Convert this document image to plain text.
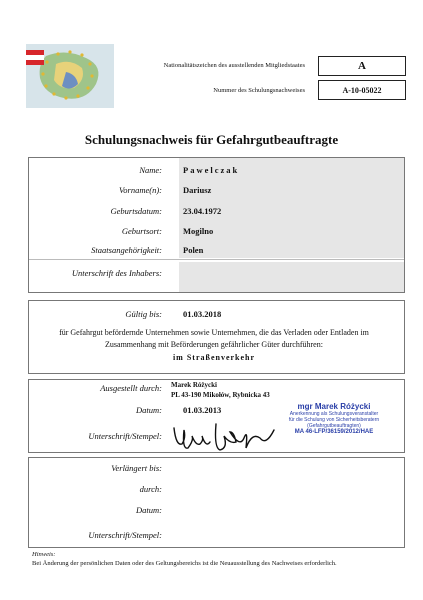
Nationalitätszeichen des ausstellenden Mitgliedstaates	A
Nummer des Schulungsnachweises	A-10-05022
Schulungsnachweis für Gefahrgutbeauftragte
Name: Pawelczak
Vorname(n): Dariusz
Geburtsdatum: 23.04.1972
Geburtsort: Mogilno
Staatsangehörigkeit: Polen
Unterschrift des Inhabers:
Gültig bis: 01.03.2018
für Gefahrgut befördernde Unternehmen sowie Unternehmen, die das Verladen oder Entladen im Zusammenhang mit Beförderungen gefährlicher Güter durchführen:
im Straßenverkehr
Ausgestellt durch: Marek Różycki
PL 43-190 Mikołów, Rybnicka 43
Datum: 01.03.2013
Unterschrift/Stempel:
mgr Marek Różycki
Anerkennung als Schulungsveranstalter
für die Schulung von Sicherheitsberatern
(Gefahrgutbeauftragten)
MA 46-LFP/36159/2012/HAE
Verlängert bis:
durch:
Datum:
Unterschrift/Stempel:
Hinweis:
Bei Änderung der persönlichen Daten oder des Geltungsbereichs ist die Neuausstellung des Nachweises erforderlich.
